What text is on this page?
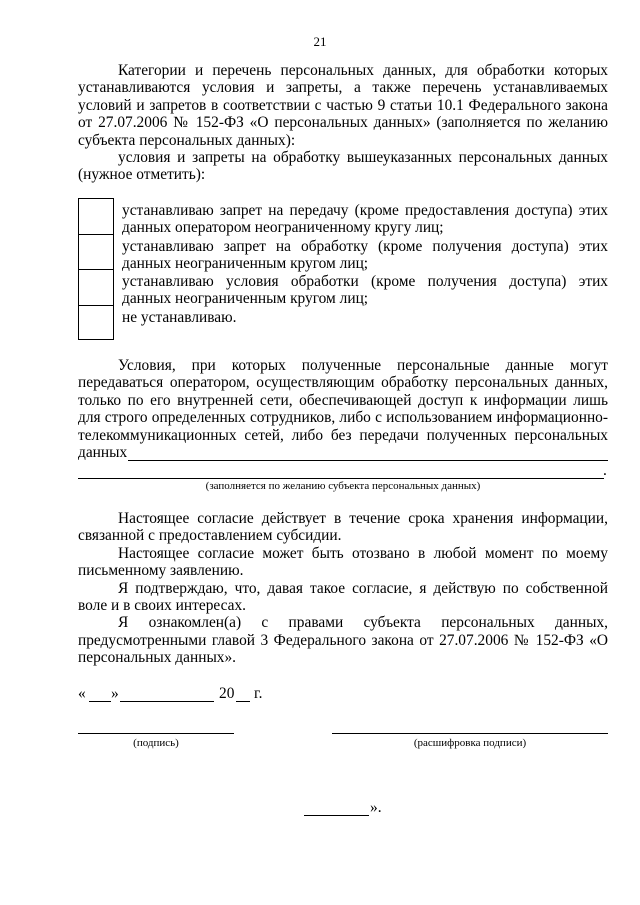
21

Категории и перечень персональных данных, для обработки которых устанавливаются условия и запреты, а также перечень устанавливаемых условий и запретов в соответствии с частью 9 статьи 10.1 Федерального закона от 27.07.2006 № 152-ФЗ «О персональных данных» (заполняется по желанию субъекта персональных данных):

условия и запреты на обработку вышеуказанных персональных данных (нужное отметить):

устанавливаю запрет на передачу (кроме предоставления доступа) этих данных оператором неограниченному кругу лиц;
устанавливаю запрет на обработку (кроме получения доступа) этих данных неограниченным кругом лиц;
устанавливаю условия обработки (кроме получения доступа) этих данных неограниченным кругом лиц;
не устанавливаю.

Условия, при которых полученные персональные данные могут передаваться оператором, осуществляющим обработку персональных данных, только по его внутренней сети, обеспечивающей доступ к информации лишь для строго определенных сотрудников, либо с использованием информационно-телекоммуникационных сетей, либо без передачи полученных персональных данных

.
(заполняется по желанию субъекта персональных данных)

Настоящее согласие действует в течение срока хранения информации, связанной с предоставлением субсидии.

Настоящее согласие может быть отозвано в любой момент по моему письменному заявлению.

Я подтверждаю, что, давая такое согласие, я действую по собственной воле и в своих интересах.

Я ознакомлен(а) с правами субъекта персональных данных, предусмотренными главой 3 Федерального закона от 27.07.2006 № 152-ФЗ «О персональных данных».

« »	20 г.
(подпись)	(расшифровка подписи)
».
